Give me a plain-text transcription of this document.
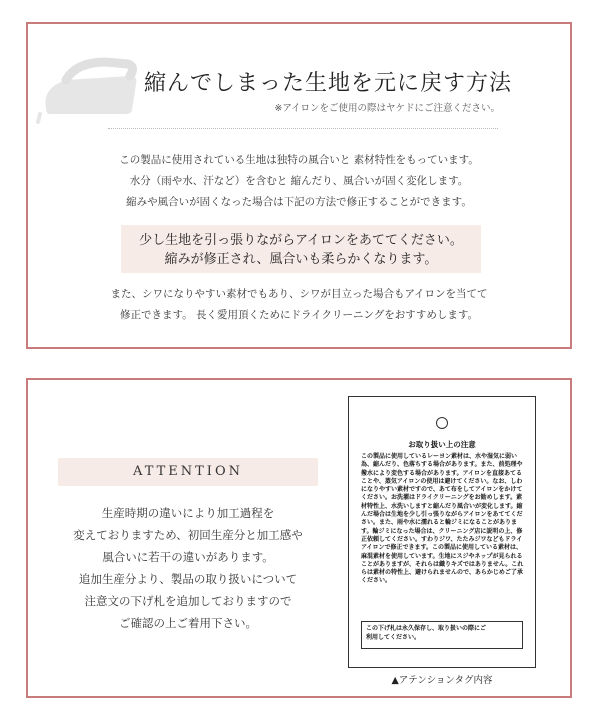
縮んでしまった生地を元に戻す方法
※アイロンをご使用の際はヤケドにご注意ください。
この製品に使用されている生地は独特の風合いと 素材特性をもっています。
水分（雨や水、汗など）を含むと 縮んだり、風合いが固く変化します。
縮みや風合いが固くなった場合は下記の方法で修正することができます。
少し生地を引っ張りながらアイロンをあててください。
縮みが修正され、風合いも柔らかくなります。
また、シワになりやすい素材でもあり、シワが目立った場合もアイロンを当てて
修正できます。 長く愛用頂くためにドライクリーニングをおすすめします。
ATTENTION
生産時期の違いにより加工過程を
変えておりますため、初回生産分と加工感や
風合いに若干の違いがあります。
追加生産分より、製品の取り扱いについて
注意文の下げ札を追加しておりますので
ご確認の上ご着用下さい。
お取り扱い上の注意
この製品に使用しているレーヨン素材は、水や湿気に弱い為、縮んだり、色落ちする場合があります。また、前処理や撥水により変色する場合があります。アイロンを直接あてることや、蒸気アイロンの使用は避けてください。なお、しわになりやすい素材ですので、あて布をしてアイロンをかけてください。お洗濯はドライクリーニングをお勧めします。素材特性上、水洗いしますと縮んだり風合いが変化します。縮んだ場合は生地を少し引っ張りながらアイロンをあててください。また、雨や水に濡れると輪ジミになることがあります。輪ジミになった場合は、クリーニング店に説明の上、修正依頼してください。すわりジワ、たたみジワなどもドライアイロンで修正できます。この製品に使用している素材は、麻混素材を使用しています。生地にスジやネップが見られることがありますが、それらは織りキズではありません。これらは素材の特性上、避けられませんので、あらかじめご了承ください。
この下げ札は永久保存し、取り扱いの際にご
利用してください。
▲アテンションタグ内容
